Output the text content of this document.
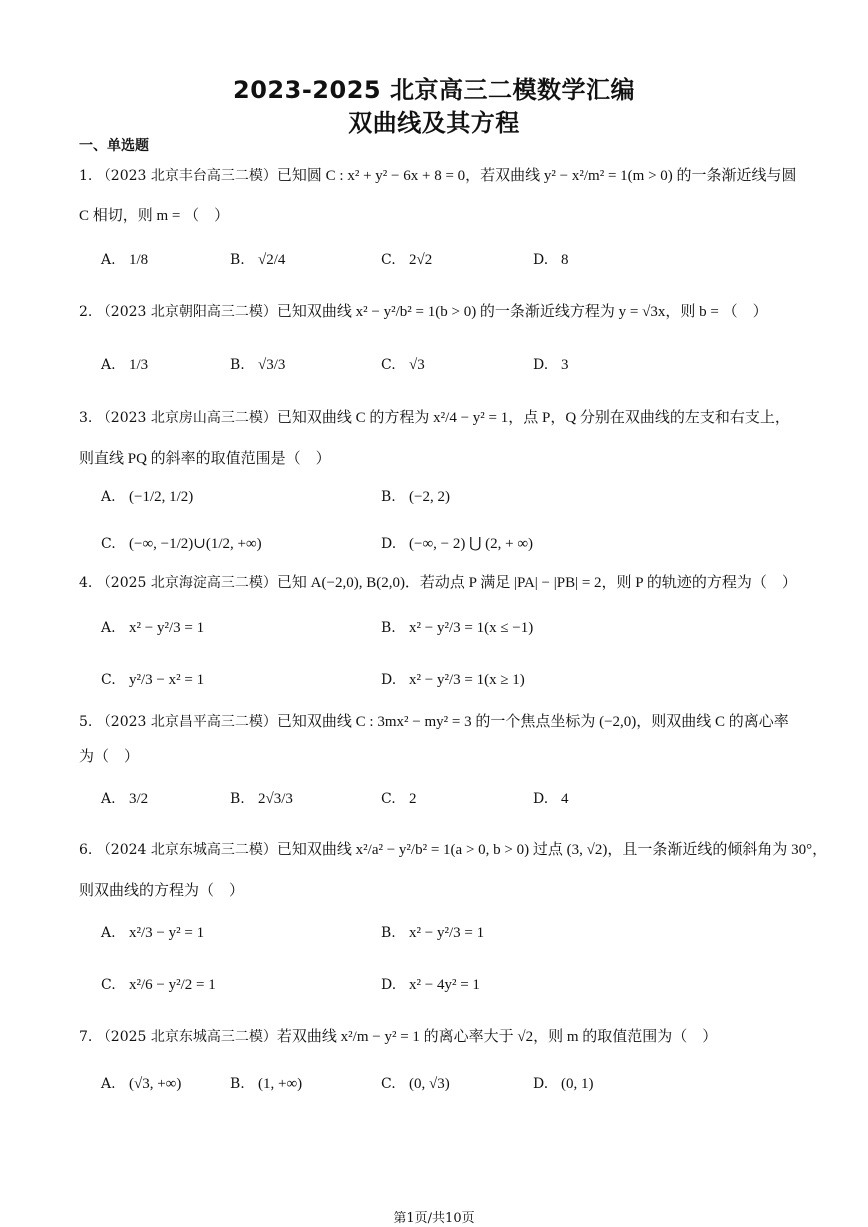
2023-2025 北京高三二模数学汇编
双曲线及其方程
一、单选题
1. （2023 北京丰台高三二模）已知圆 C : x² + y² − 6x + 8 = 0，若双曲线 y² − x²/m² = 1(m > 0) 的一条渐近线与圆
C 相切，则 m = （　）
A. 1/8	B. √2/4	C. 2√2	D. 8
2. （2023 北京朝阳高三二模）已知双曲线 x² − y²/b² = 1(b > 0) 的一条渐近线方程为 y = √3x，则 b = （　）
A. 1/3	B. √3/3	C. √3	D. 3
3. （2023 北京房山高三二模）已知双曲线 C 的方程为 x²/4 − y² = 1，点 P，Q 分别在双曲线的左支和右支上，
则直线 PQ 的斜率的取值范围是（　）
A. (−1/2, 1/2)	B. (−2, 2)
C. (−∞, −1/2)∪(1/2, +∞)	D. (−∞, − 2) ⋃ (2, + ∞)
4. （2025 北京海淀高三二模）已知 A(−2,0), B(2,0)．若动点 P 满足 |PA| − |PB| = 2，则 P 的轨迹的方程为（　）
A. x² − y²/3 = 1	B. x² − y²/3 = 1(x ≤ −1)
C. y²/3 − x² = 1	D. x² − y²/3 = 1(x ≥ 1)
5. （2023 北京昌平高三二模）已知双曲线 C : 3mx² − my² = 3 的一个焦点坐标为 (−2,0)，则双曲线 C 的离心率
为（　）
A. 3/2	B. 2√3/3	C. 2	D. 4
6. （2024 北京东城高三二模）已知双曲线 x²/a² − y²/b² = 1(a > 0, b > 0) 过点 (3, √2)，且一条渐近线的倾斜角为 30°，
则双曲线的方程为（　）
A. x²/3 − y² = 1	B. x² − y²/3 = 1
C. x²/6 − y²/2 = 1	D. x² − 4y² = 1
7. （2025 北京东城高三二模）若双曲线 x²/m − y² = 1 的离心率大于 √2，则 m 的取值范围为（　）
A. (√3, +∞)	B. (1, +∞)	C. (0, √3)	D. (0, 1)
第1页/共10页
